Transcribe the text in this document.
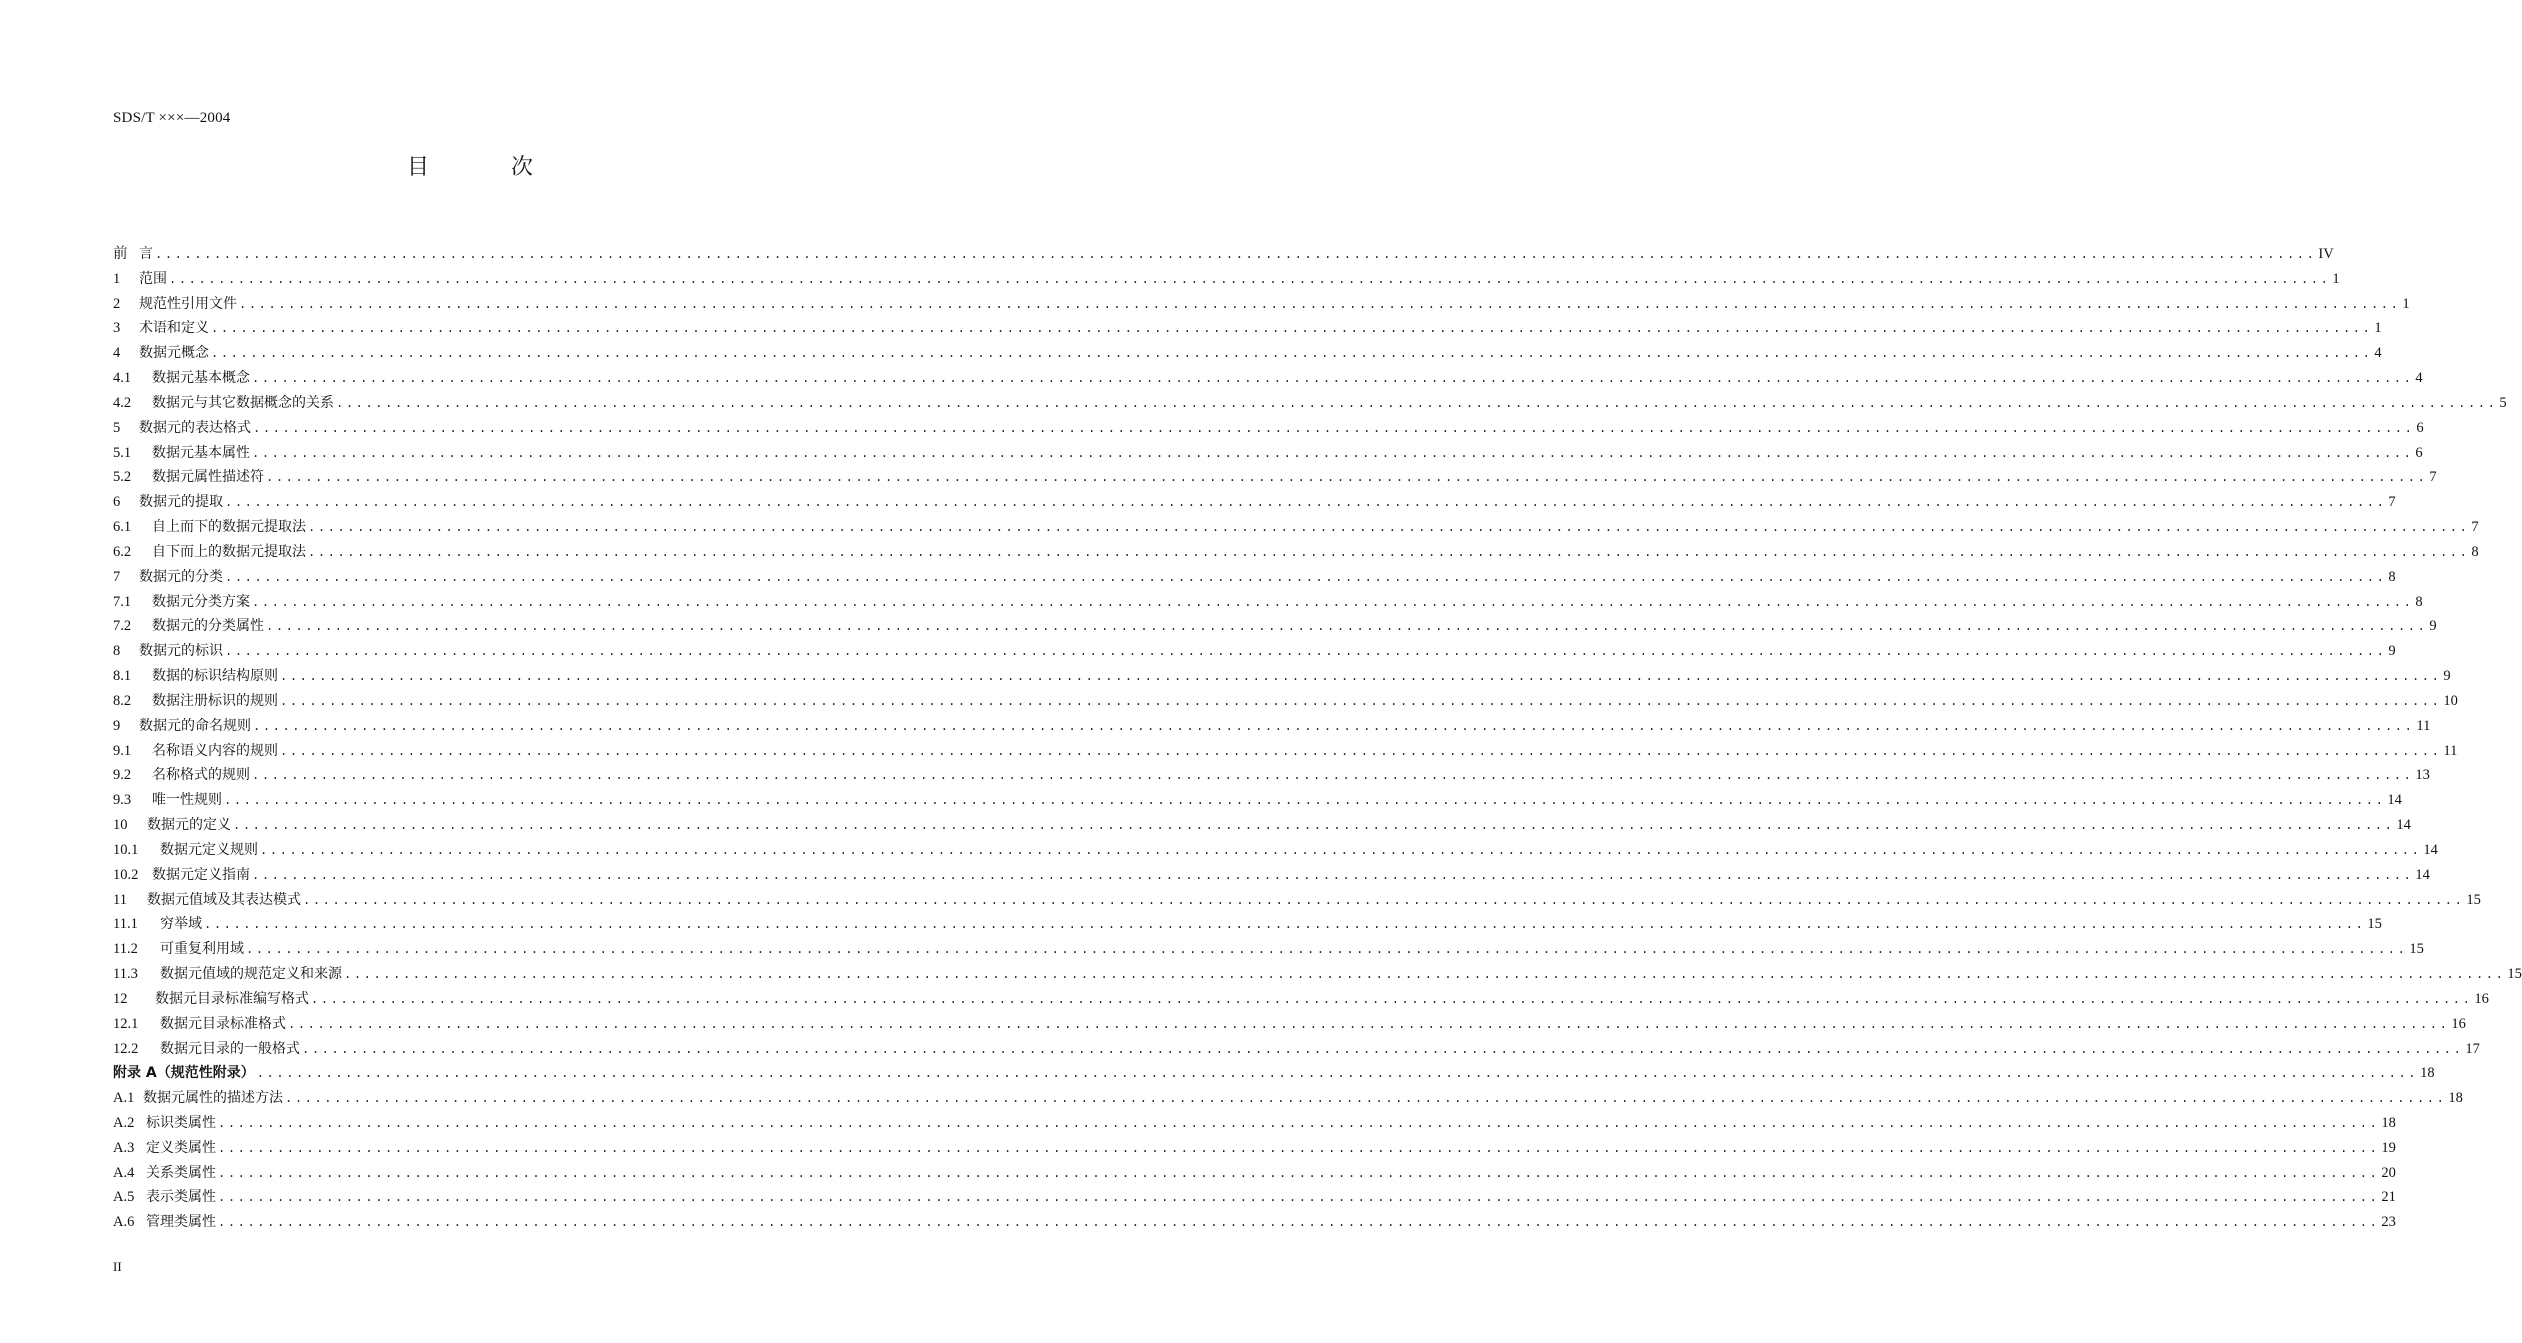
SDS/T ×××—2004
目　次
前 言 ............................................................................................................................................................................................................................ IV
1	范围 ............................................................................................................................................................................................................................ 1
2	规范性引用文件 ............................................................................................................................................................................................................................ 1
3	术语和定义 ............................................................................................................................................................................................................................ 1
4	数据元概念 ............................................................................................................................................................................................................................ 4
4.1	数据元基本概念 ............................................................................................................................................................................................................................ 4
4.2	数据元与其它数据概念的关系 ............................................................................................................................................................................................................................ 5
5	数据元的表达格式 ............................................................................................................................................................................................................................ 6
5.1	数据元基本属性 ............................................................................................................................................................................................................................ 6
5.2	数据元属性描述符 ............................................................................................................................................................................................................................ 7
6	数据元的提取 ............................................................................................................................................................................................................................ 7
6.1	自上而下的数据元提取法 ............................................................................................................................................................................................................................ 7
6.2	自下而上的数据元提取法 ............................................................................................................................................................................................................................ 8
7	数据元的分类 ............................................................................................................................................................................................................................ 8
7.1	数据元分类方案 ............................................................................................................................................................................................................................ 8
7.2	数据元的分类属性 ............................................................................................................................................................................................................................ 9
8	数据元的标识 ............................................................................................................................................................................................................................ 9
8.1	数据的标识结构原则 ............................................................................................................................................................................................................................ 9
8.2	数据注册标识的规则 ............................................................................................................................................................................................................................ 10
9	数据元的命名规则 ............................................................................................................................................................................................................................ 11
9.1	名称语义内容的规则 ............................................................................................................................................................................................................................ 11
9.2	名称格式的规则 ............................................................................................................................................................................................................................ 13
9.3	唯一性规则 ............................................................................................................................................................................................................................ 14
10	数据元的定义 ............................................................................................................................................................................................................................ 14
10.1	数据元定义规则 ............................................................................................................................................................................................................................ 14
10.2 数据元定义指南 ............................................................................................................................................................................................................................ 14
11	数据元值域及其表达模式 ............................................................................................................................................................................................................................ 15
11.1	穷举域 ............................................................................................................................................................................................................................ 15
11.2	可重复利用域 ............................................................................................................................................................................................................................ 15
11.3	数据元值域的规范定义和来源 ............................................................................................................................................................................................................................ 15
12	数据元目录标准编写格式 ............................................................................................................................................................................................................................ 16
12.1	数据元目录标准格式 ............................................................................................................................................................................................................................ 16
12.2	数据元目录的一般格式 ............................................................................................................................................................................................................................ 17
附录 A（规范性附录） ............................................................................................................................................................................................................................ 18
A.1 数据元属性的描述方法 ............................................................................................................................................................................................................................ 18
A.2 标识类属性 ............................................................................................................................................................................................................................ 18
A.3 定义类属性 ............................................................................................................................................................................................................................ 19
A.4 关系类属性 ............................................................................................................................................................................................................................ 20
A.5 表示类属性 ............................................................................................................................................................................................................................ 21
A.6 管理类属性 ............................................................................................................................................................................................................................ 23
II
